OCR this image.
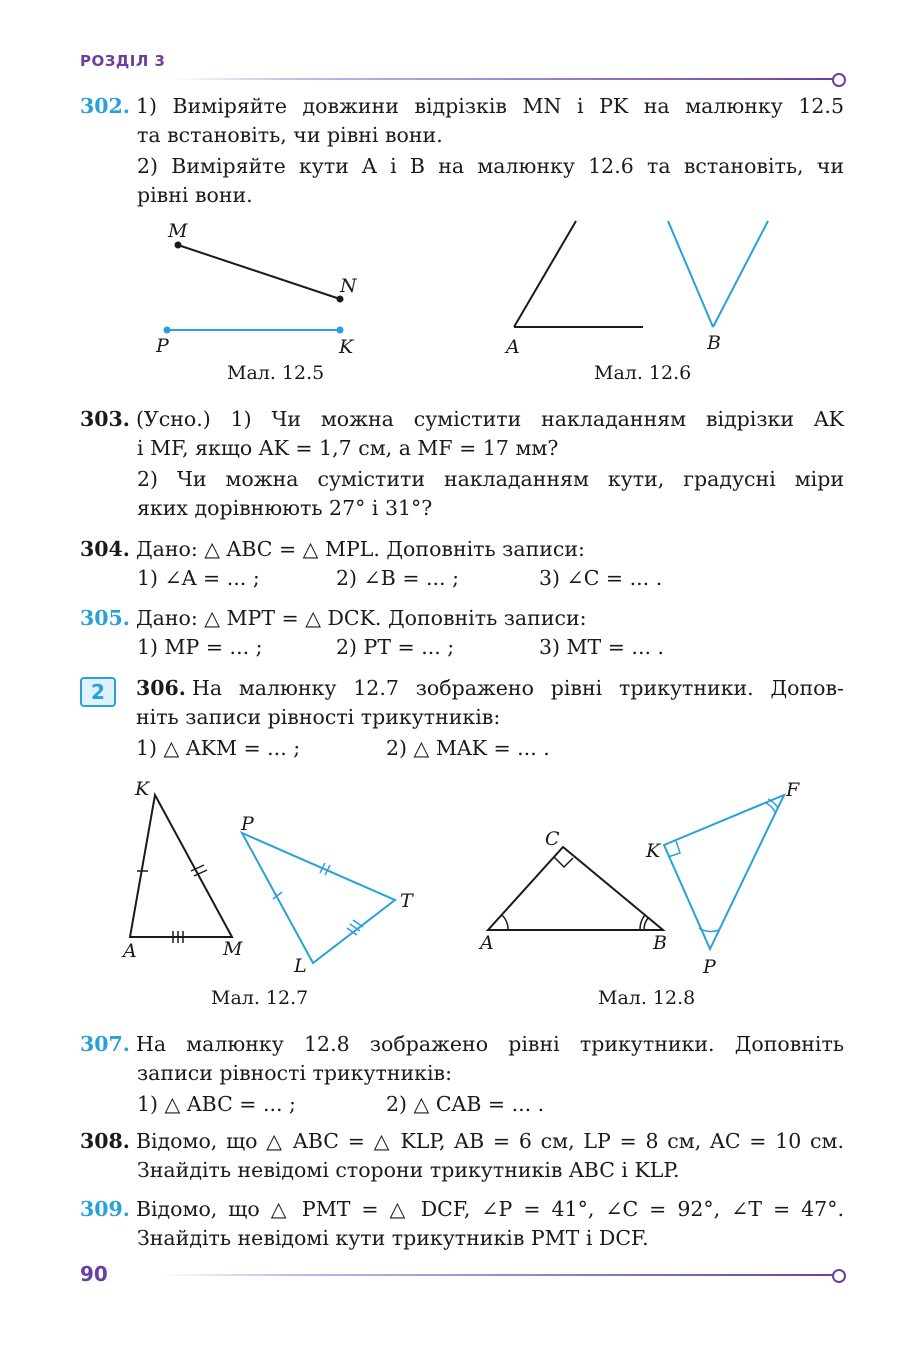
РОЗДІЛ 3
302. 1) Виміряйте довжини відрізків MN і PK на малюнку 12.5
та встановіть, чи рівні вони.
2) Виміряйте кути A і B на малюнку 12.6 та встановіть, чи
рівні вони.
M
N
P	K
Мал. 12.5
A	B
Мал. 12.6
303. (Усно.) 1) Чи можна сумістити накладанням відрізки AK
і MF, якщо AK = 1,7 см, а MF = 17 мм?
2) Чи можна сумістити накладанням кути, градусні міри
яких дорівнюють 27° і 31°?
304. Дано: △ ABC = △ MPL. Доповніть записи:
1) ∠A = ... ;	2) ∠B = ... ;	3) ∠C = ... .
305. Дано: △ MPT = △ DCK. Доповніть записи:
1) MP = ... ;	2) PT = ... ;	3) MT = ... .
2	306. На малюнку 12.7 зображено рівні трикутники. Допов-
ніть записи рівності трикутників:
1) △ AKM = ... ;	2) △ MAK = ... .
K
A	M
P
T
L
Мал. 12.7
C
A	B
K
F
P
Мал. 12.8
307. На малюнку 12.8 зображено рівні трикутники. Доповніть
записи рівності трикутників:
1) △ ABC = ... ;	2) △ CAB = ... .
308. Відомо, що △ ABC = △ KLP, AB = 6 см, LP = 8 см, AC = 10 см.
Знайдіть невідомі сторони трикутників ABC і KLP.
309. Відомо, що △ PMT = △ DCF, ∠P = 41°, ∠C = 92°, ∠T = 47°.
Знайдіть невідомі кути трикутників PMT і DCF.
90
